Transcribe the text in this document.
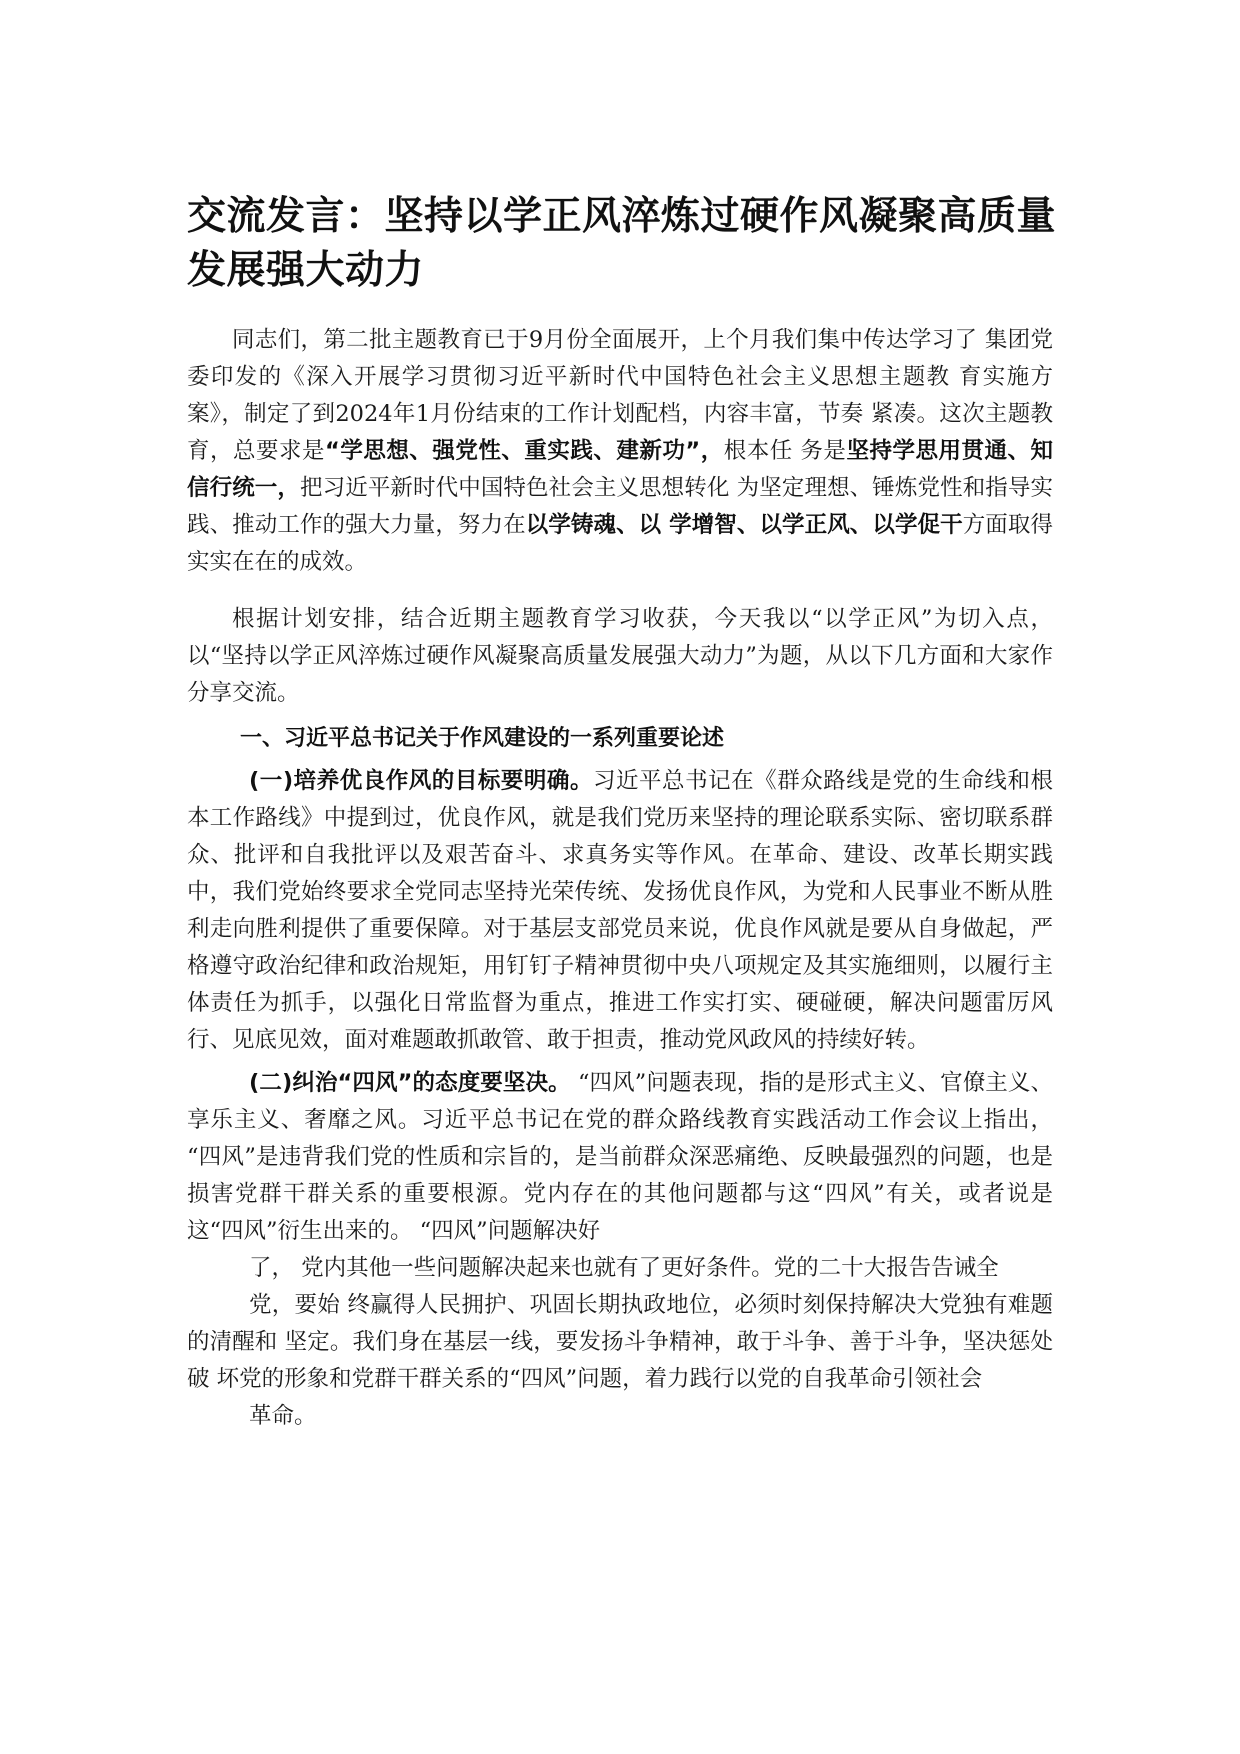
交流发言：坚持以学正风淬炼过硬作风凝聚高质量发展强大动力

同志们，第二批主题教育已于9月份全面展开，上个月我们集中传达学习了 集团党委印发的《深入开展学习贯彻习近平新时代中国特色社会主义思想主题教 育实施方案》，制定了到2024年1月份结束的工作计划配档，内容丰富，节奏 紧凑。这次主题教育，总要求是“学思想、强党性、重实践、建新功”，根本任 务是坚持学思用贯通、知信行统一，把习近平新时代中国特色社会主义思想转化 为坚定理想、锤炼党性和指导实践、推动工作的强大力量，努力在以学铸魂、以 学增智、以学正风、以学促干方面取得实实在在的成效。

根据计划安排，结合近期主题教育学习收获，今天我以“以学正风”为切入点，以“坚持以学正风淬炼过硬作风凝聚高质量发展强大动力”为题，从以下几方面和大家作分享交流。

一、习近平总书记关于作风建设的一系列重要论述

(一)培养优良作风的目标要明确。习近平总书记在《群众路线是党的生命线和根本工作路线》中提到过，优良作风，就是我们党历来坚持的理论联系实际、密切联系群众、批评和自我批评以及艰苦奋斗、求真务实等作风。在革命、建设、改革长期实践中，我们党始终要求全党同志坚持光荣传统、发扬优良作风，为党和人民事业不断从胜利走向胜利提供了重要保障。对于基层支部党员来说，优良作风就是要从自身做起，严格遵守政治纪律和政治规矩，用钉钉子精神贯彻中央八项规定及其实施细则，以履行主体责任为抓手，以强化日常监督为重点，推进工作实打实、硬碰硬，解决问题雷厉风行、见底见效，面对难题敢抓敢管、敢于担责，推动党风政风的持续好转。

(二)纠治“四风”的态度要坚决。 “四风”问题表现，指的是形式主义、官僚主义、享乐主义、奢靡之风。习近平总书记在党的群众路线教育实践活动工作会议上指出， “四风”是违背我们党的性质和宗旨的，是当前群众深恶痛绝、反映最强烈的问题，也是损害党群干群关系的重要根源。党内存在的其他问题都与这“四风”有关，或者说是这“四风”衍生出来的。 “四风”问题解决好
了， 党内其他一些问题解决起来也就有了更好条件。党的二十大报告告诫全
党，要始 终赢得人民拥护、巩固长期执政地位，必须时刻保持解决大党独有难题的清醒和 坚定。我们身在基层一线，要发扬斗争精神，敢于斗争、善于斗争，坚决惩处破 坏党的形象和党群干群关系的“四风”问题，着力践行以党的自我革命引领社会
革命。
